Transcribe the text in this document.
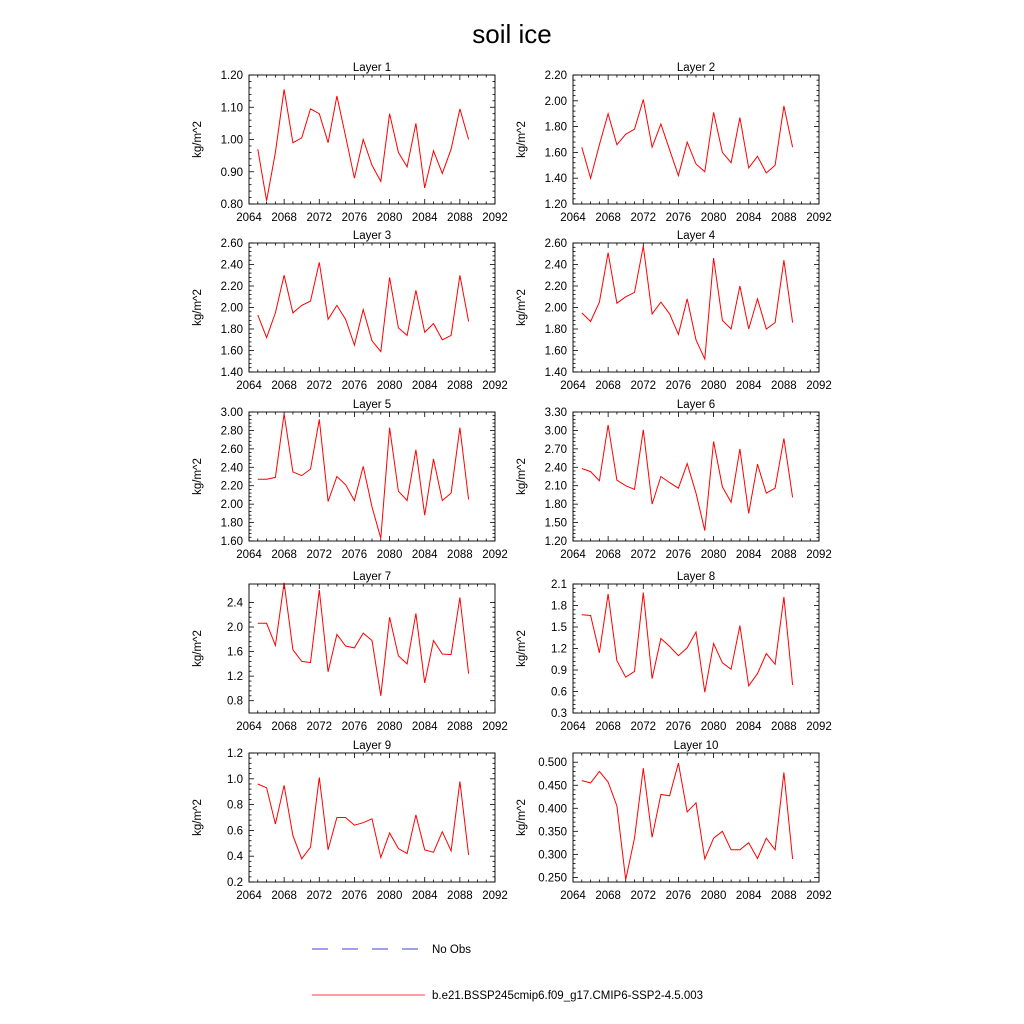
soil ice
Layer 1
kg/m^2
2064 2068 2072 2076 2080 2084 2088 2092
0.80
0.90
1.00
1.10
1.20
Layer 2
kg/m^2
2064 2068 2072 2076 2080 2084 2088 2092
1.20
1.40
1.60
1.80
2.00
2.20
Layer 3
kg/m^2
2064 2068 2072 2076 2080 2084 2088 2092
1.40
1.60
1.80
2.00
2.20
2.40
2.60
Layer 4
kg/m^2
2064 2068 2072 2076 2080 2084 2088 2092
1.40
1.60
1.80
2.00
2.20
2.40
2.60
Layer 5
kg/m^2
2064 2068 2072 2076 2080 2084 2088 2092
1.60
1.80
2.00
2.20
2.40
2.60
2.80
3.00
Layer 6
kg/m^2
2064 2068 2072 2076 2080 2084 2088 2092
1.20
1.50
1.80
2.10
2.40
2.70
3.00
3.30
Layer 7
kg/m^2
2064 2068 2072 2076 2080 2084 2088 2092
0.8
1.2
1.6
2.0
2.4
Layer 8
kg/m^2
2064 2068 2072 2076 2080 2084 2088 2092
0.3
0.6
0.9
1.2
1.5
1.8
2.1
Layer 9
kg/m^2
2064 2068 2072 2076 2080 2084 2088 2092
0.2
0.4
0.6
0.8
1.0
1.2
Layer 10
kg/m^2
2064 2068 2072 2076 2080 2084 2088 2092
0.250
0.300
0.350
0.400
0.450
0.500
No Obs
b.e21.BSSP245cmip6.f09_g17.CMIP6-SSP2-4.5.003
